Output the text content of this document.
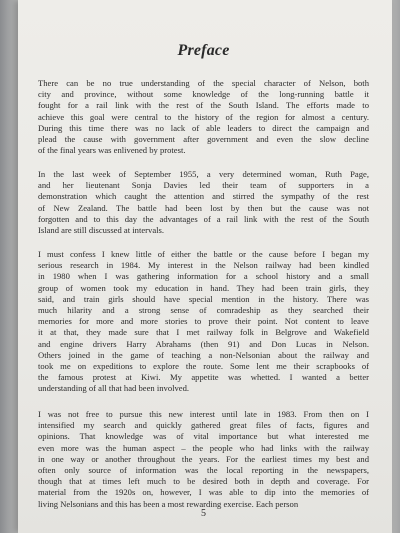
Preface
There can be no true understanding of the special character of Nelson, both
city and province, without some knowledge of the long-running battle it
fought for a rail link with the rest of the South Island. The efforts made to
achieve this goal were central to the history of the region for almost a century.
During this time there was no lack of able leaders to direct the campaign and
plead the cause with government after government and even the slow decline
of the final years was enlivened by protest.
In the last week of September 1955, a very determined woman, Ruth Page,
and her lieutenant Sonja Davies led their team of supporters in a
demonstration which caught the attention and stirred the sympathy of the rest
of New Zealand. The battle had been lost by then but the cause was not
forgotten and to this day the advantages of a rail link with the rest of the South
Island are still discussed at intervals.
I must confess I knew little of either the battle or the cause before I began my
serious research in 1984. My interest in the Nelson railway had been kindled
in 1980 when I was gathering information for a school history and a small
group of women took my education in hand. They had been train girls, they
said, and train girls should have special mention in the history. There was
much hilarity and a strong sense of comradeship as they searched their
memories for more and more stories to prove their point. Not content to leave
it at that, they made sure that I met railway folk in Belgrove and Wakefield
and engine drivers Harry Abrahams (then 91) and Don Lucas in Nelson.
Others joined in the game of teaching a non-Nelsonian about the railway and
took me on expeditions to explore the route. Some lent me their scrapbooks of
the famous protest at Kiwi. My appetite was whetted. I wanted a better
understanding of all that had been involved.
I was not free to pursue this new interest until late in 1983. From then on I
intensified my search and quickly gathered great files of facts, figures and
opinions. That knowledge was of vital importance but what interested me
even more was the human aspect – the people who had links with the railway
in one way or another throughout the years. For the earliest times my best and
often only source of information was the local reporting in the newspapers,
though that at times left much to be desired both in depth and coverage. For
material from the 1920s on, however, I was able to dip into the memories of
living Nelsonians and this has been a most rewarding exercise. Each person

5
